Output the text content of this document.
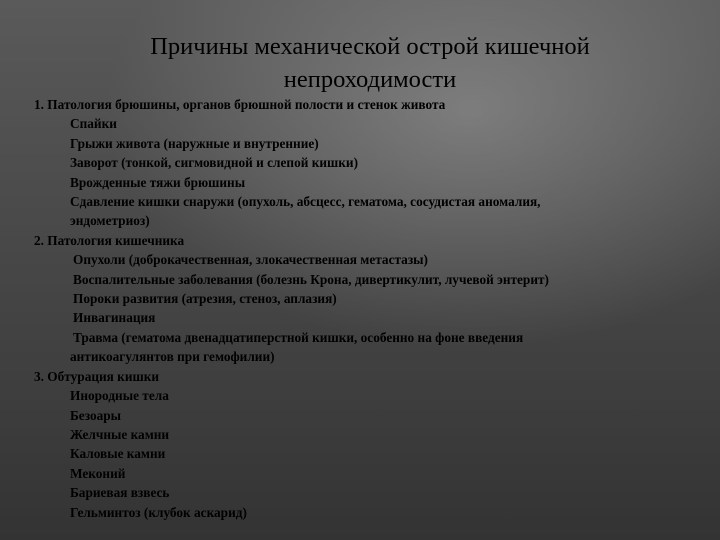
Причины механической острой кишечной
непроходимости
1. Патология брюшины, органов брюшной полости и стенок живота
Спайки
Грыжи живота (наружные и внутренние)
Заворот (тонкой, сигмовидной и слепой кишки)
Врожденные тяжи брюшины
Сдавление кишки снаружи (опухоль, абсцесс, гематома, сосудистая аномалия,
эндометриоз)
2. Патология кишечника
Опухоли (доброкачественная, злокачественная метастазы)
Воспалительные заболевания (болезнь Крона, дивертикулит, лучевой энтерит)
Пороки развития (атрезия, стеноз, аплазия)
Инвагинация
Травма (гематома двенадцатиперстной кишки, особенно на фоне введения
антикоагулянтов при гемофилии)
3. Обтурация кишки
Инородные тела
Безоары
Желчные камни
Каловые камни
Меконий
Бариевая взвесь
Гельминтоз (клубок аскарид)
